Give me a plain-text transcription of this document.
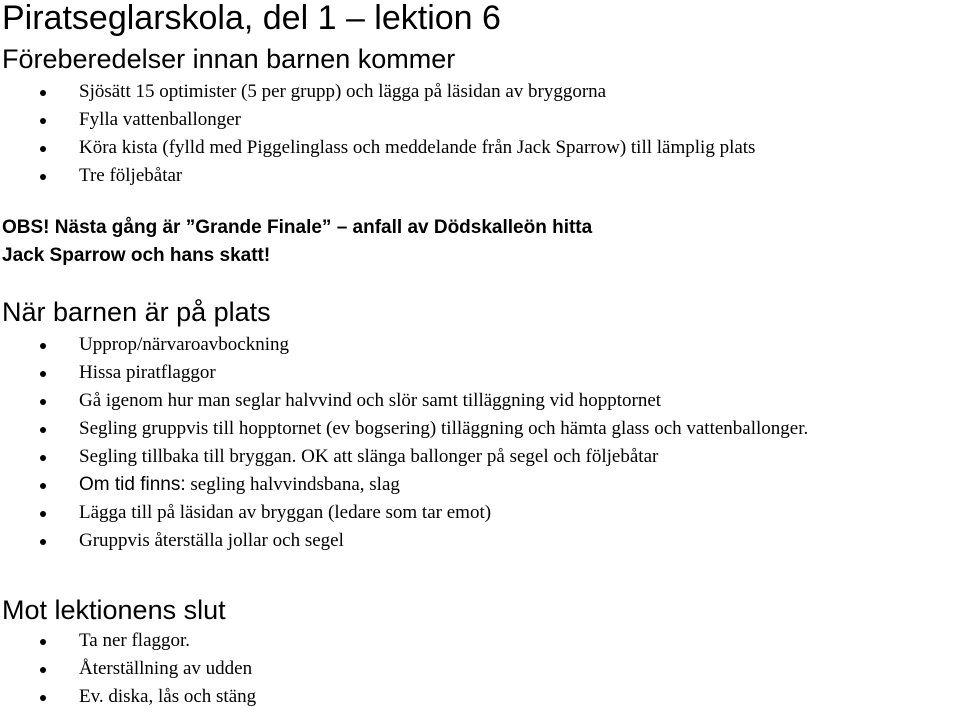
Piratseglarskola, del 1 – lektion 6
Föreberedelser innan barnen kommer
Sjösätt 15 optimister (5 per grupp) och lägga på läsidan av bryggorna
Fylla vattenballonger
Köra kista (fylld med Piggelinglass och meddelande från Jack Sparrow) till lämplig plats
Tre följebåtar

OBS! Nästa gång är ”Grande Finale” – anfall av Dödskalleön hitta
Jack Sparrow och hans skatt!

När barnen är på plats
Upprop/närvaroavbockning
Hissa piratflaggor
Gå igenom hur man seglar halvvind och slör samt tilläggning vid hopptornet
Segling gruppvis till hopptornet (ev bogsering) tilläggning och hämta glass och vattenballonger.
Segling tillbaka till bryggan. OK att slänga ballonger på segel och följebåtar
Om tid finns: segling halvvindsbana, slag
Lägga till på läsidan av bryggan (ledare som tar emot)
Gruppvis återställa jollar och segel
Mot lektionens slut
Ta ner flaggor.
Återställning av udden
Ev. diska, lås och stäng
